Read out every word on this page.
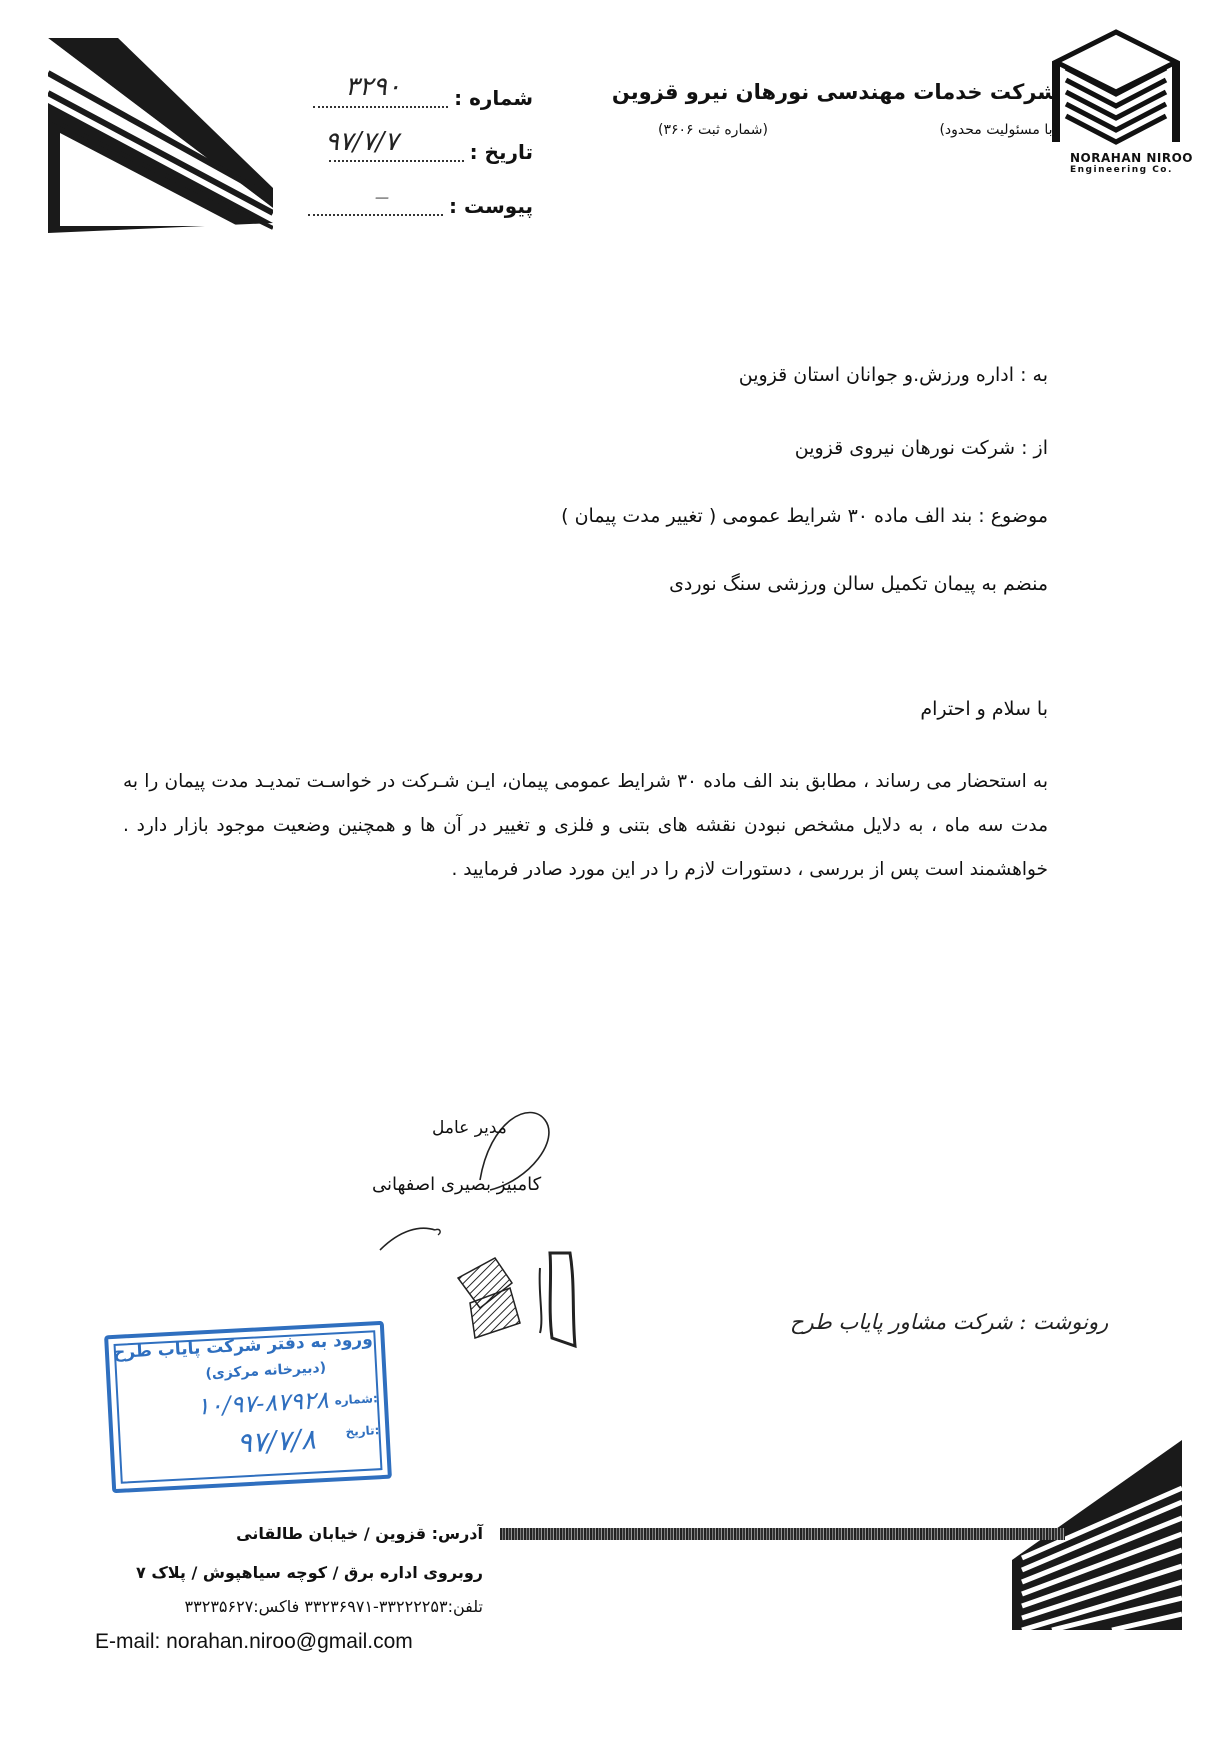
NORAHAN NIROO
Engineering Co.
شرکت خدمات مهندسی نورهان نیرو قزوین
(با مسئولیت محدود)
(شماره ثبت ۳۶۰۶)
شماره :
۳۲۹۰
تاریخ :
۹۷/۷/۷
پیوست :
—
به : اداره ورزش.و جوانان استان قزوین
از : شرکت نورهان نیروی قزوین
موضوع : بند الف ماده ۳۰ شرایط عمومی ( تغییر مدت پیمان )
منضم به پیمان تکمیل سالن ورزشی سنگ نوردی
با سلام و احترام
به استحضار می رساند ، مطابق بند الف ماده ۳۰ شرایط عمومی پیمان، ایـن شـرکت در خواسـت تمدیـد مدت پیمان را به مدت سه ماه ، به دلایل مشخص نبودن نقشه های بتنی و فلزی و تغییر در آن ها و همچنین وضعیت موجود بازار دارد . خواهشمند است پس از بررسی ، دستورات لازم را در این مورد صادر فرمایید .
مدیر عامل
کامبیز بصیری اصفهانی
رونوشت : شرکت مشاور پایاب طرح
ورود به دفتر شرکت پایاب طرح
(دبیرخانه مرکزی)
شماره:
۱۰/۹۷-۸۷۹۲۸
تاریخ:
۹۷/۷/۸
آدرس: قزوین / خیابان طالقانی
روبروی اداره برق / کوچه سیاهپوش / پلاک ۷
تلفن:۳۳۲۲۲۲۵۳-۳۳۲۳۶۹۷۱ فاکس:۳۳۲۳۵۶۲۷
E-mail: norahan.niroo@gmail.com
